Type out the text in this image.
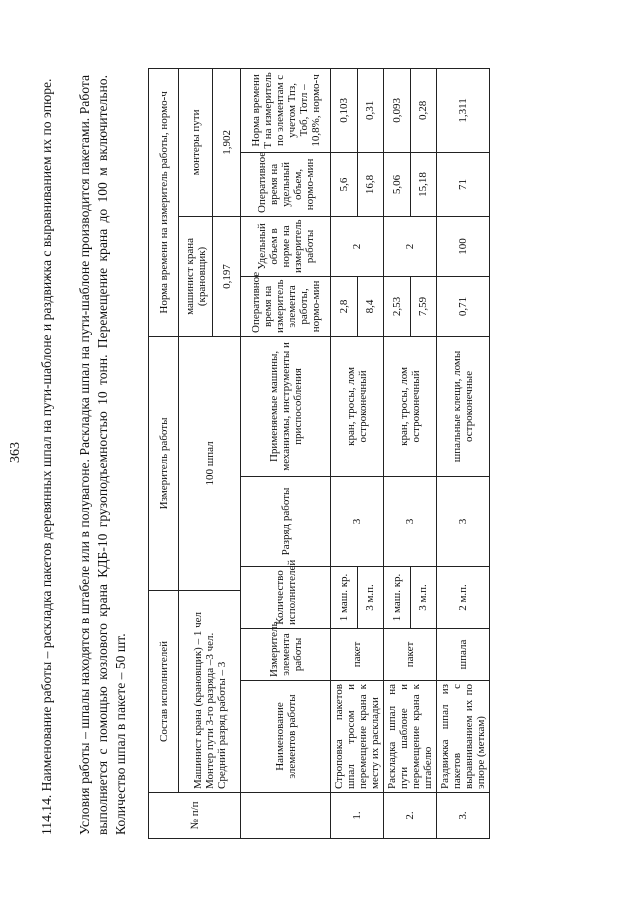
363 114.14. Наименование работы – раскладка пакетов деревянных шпал на пути-шаблоне и раздвижка с выравниванием их по эпюре. Условия работы – шпалы находятся в штабеле или в полувагоне. Раскладка шпал на пути-шаблоне производится пакетами. Работа выполняется с помощью козлового крана КДБ-10 грузоподъемностью 10 тонн. Перемещение крана до 100 м включительно. Количество шпал в пакете – 50 шт.	№ п/п	Состав исполнителей			Измеритель работы			Норма времени на измеритель работы, нормо-ч			

	Машинист крана (крановщик) – 1 чел Монтер пути 3-го разряда –3 чел. Средний разряд работы – 3			100 шпал			машинист крана (крановщик)		монтеры пути	
							0,197		1,902	
	Наименование элементов работы	Измеритель элемента работы	Количество исполнителей		Разряд работы	Применяемые машины, механизмы, инструменты и приспособления	Оперативное время на измеритель элемента работы, нормо-мин	Удельный объем в норме на измеритель работы	Оперативное время на удельный объем, нормо-мин	Норма времени Т на измеритель по элементам с учетом Тпз, Тоб, Тотл – 10,8%, нормо-ч
1.	Строповка пакетов шпал тросом и перемещение крана к месту их раскладки	пакет	1 маш. кр.		3	кран, тросы, лом остроконечный	2,8	2	5,6	0,103
			3 м.п.				8,4		16,8	0,31
2.	Раскладка шпал на пути шаблоне и перемещение крана к штабелю	пакет	1 маш. кр.		3	кран, тросы, лом остроконечный	2,53	2	5,06	0,093
			3 м.п.				7,59		15,18	0,28
3.	Раздвижка шпал из пакетов с выравниванием их по эпюре (меткам)	шпала	2 м.п.		3	шпальные клещи, ломы остроконечные	0,71	100	71	1,311
